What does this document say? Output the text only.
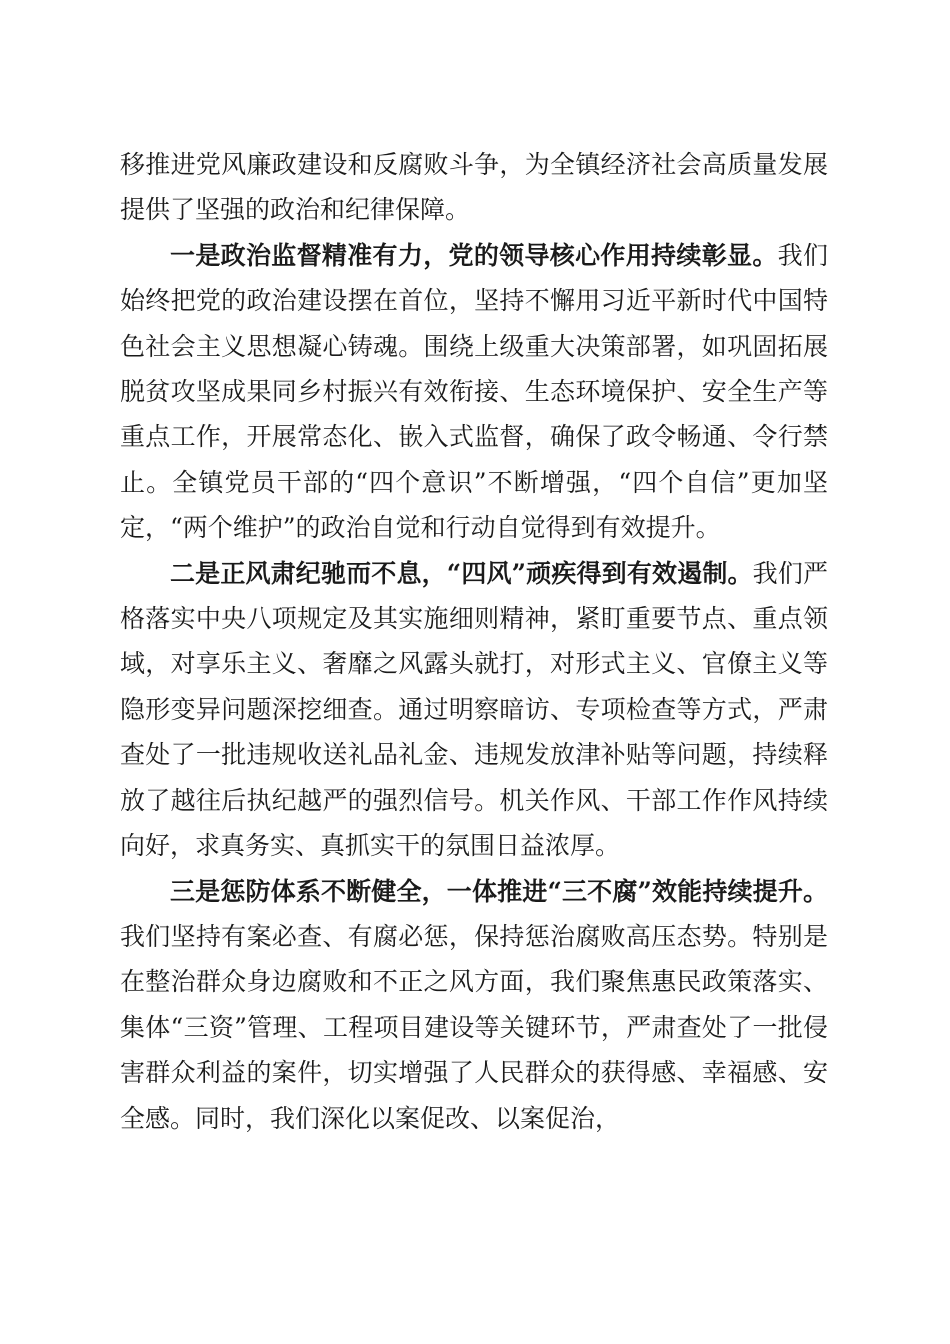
移推进党风廉政建设和反腐败斗争，为全镇经济社会高质量发展提供了坚强的政治和纪律保障。

一是政治监督精准有力，党的领导核心作用持续彰显。我们始终把党的政治建设摆在首位，坚持不懈用习近平新时代中国特色社会主义思想凝心铸魂。围绕上级重大决策部署，如巩固拓展脱贫攻坚成果同乡村振兴有效衔接、生态环境保护、安全生产等重点工作，开展常态化、嵌入式监督，确保了政令畅通、令行禁止。全镇党员干部的“四个意识”不断增强，“四个自信”更加坚定，“两个维护”的政治自觉和行动自觉得到有效提升。

二是正风肃纪驰而不息，“四风”顽疾得到有效遏制。我们严格落实中央八项规定及其实施细则精神，紧盯重要节点、重点领域，对享乐主义、奢靡之风露头就打，对形式主义、官僚主义等隐形变异问题深挖细查。通过明察暗访、专项检查等方式，严肃查处了一批违规收送礼品礼金、违规发放津补贴等问题，持续释放了越往后执纪越严的强烈信号。机关作风、干部工作作风持续向好，求真务实、真抓实干的氛围日益浓厚。

三是惩防体系不断健全，一体推进“三不腐”效能持续提升。我们坚持有案必查、有腐必惩，保持惩治腐败高压态势。特别是在整治群众身边腐败和不正之风方面，我们聚焦惠民政策落实、集体“三资”管理、工程项目建设等关键环节，严肃查处了一批侵害群众利益的案件，切实增强了人民群众的获得感、幸福感、安全感。同时，我们深化以案促改、以案促治，
